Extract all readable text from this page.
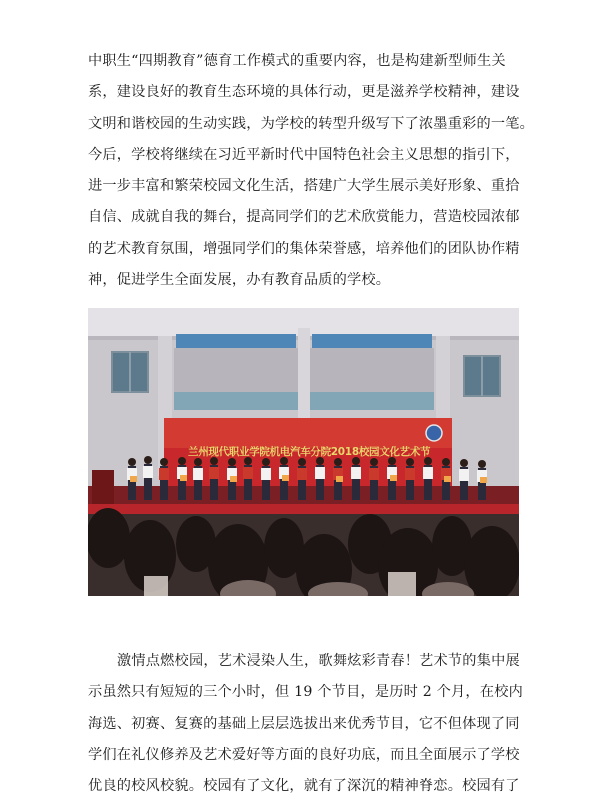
中职生“四期教育”德育工作模式的重要内容，也是构建新型师生关
系，建设良好的教育生态环境的具体行动，更是滋养学校精神，建设
文明和谐校园的生动实践，为学校的转型升级写下了浓墨重彩的一笔。
今后，学校将继续在习近平新时代中国特色社会主义思想的指引下，
进一步丰富和繁荣校园文化生活，搭建广大学生展示美好形象、重拾
自信、成就自我的舞台，提高同学们的艺术欣赏能力，营造校园浓郁
的艺术教育氛围，增强同学们的集体荣誉感，培养他们的团队协作精
神，促进学生全面发展，办有教育品质的学校。
兰州现代职业学院机电汽车分院2018校园文化艺术节
激情点燃校园，艺术浸染人生，歌舞炫彩青春！艺术节的集中展
示虽然只有短短的三个小时，但 19 个节目，是历时 2 个月，在校内
海选、初赛、复赛的基础上层层选拔出来优秀节目，它不但体现了同
学们在礼仪修养及艺术爱好等方面的良好功底，而且全面展示了学校
优良的校风校貌。校园有了文化，就有了深沉的精神脊恋。校园有了
